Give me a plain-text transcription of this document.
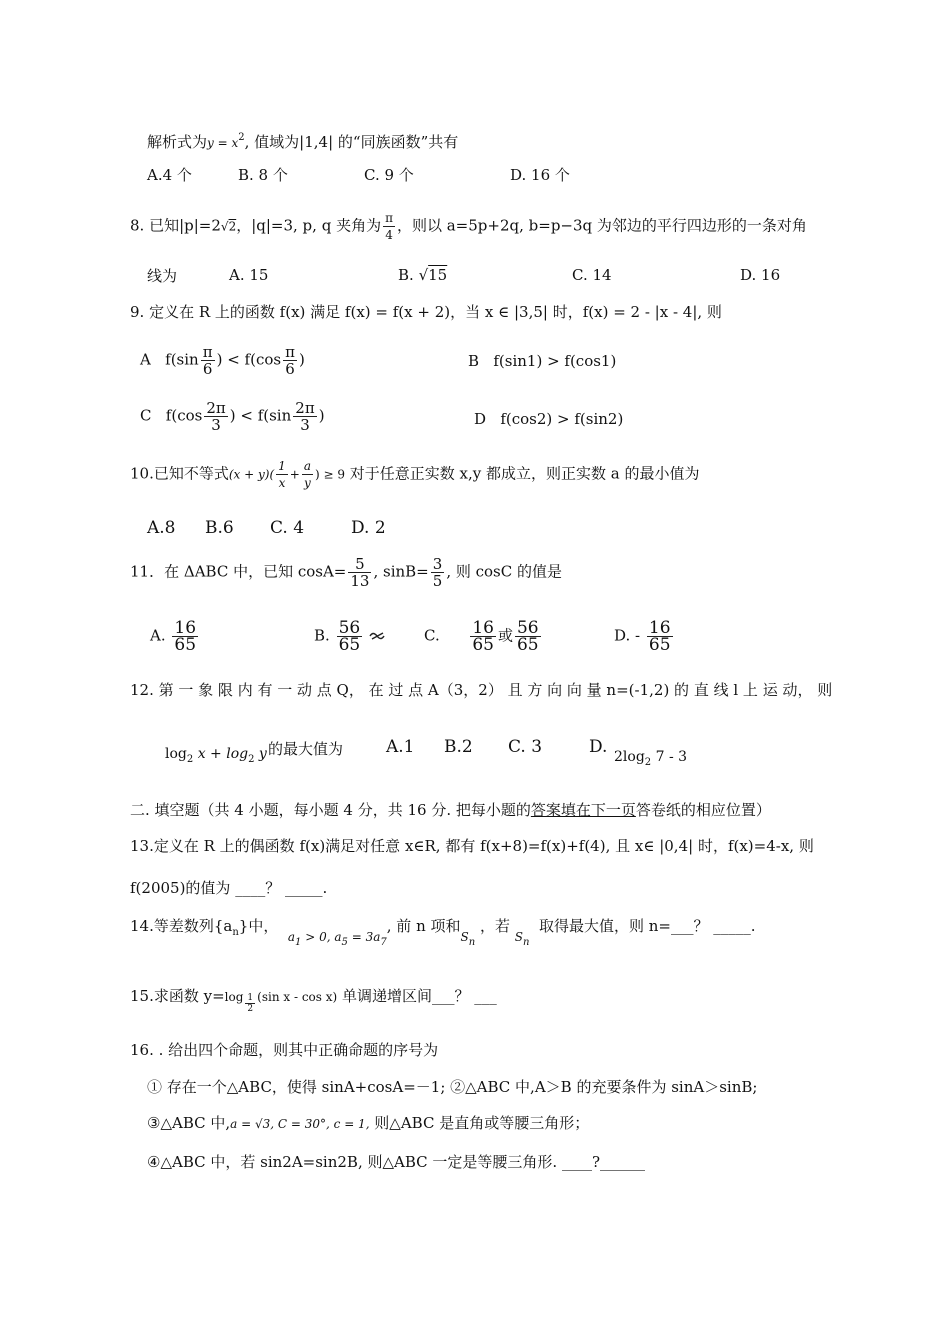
解析式为$y = x^2$, 值域为|1,4| 的“同族函数”共有
A.4 个	B. 8 个	C. 9 个	D. 16 个
8. 已知|p|=2√2，|q|=3, p, q 夹角为 $\frac{\pi}{4}$ ，则以 a=5p+2q, b=p−3q 为邻边的平行四边形的一条对角
线为	A. 15	B. √15	C. 14	D. 16
9. 定义在 R 上的函数 f(x) 满足 f(x) = f(x + 2)，当 x ∈ |3,5| 时，f(x) = 2 - |x - 4|, 则
A $f(\sin \frac{\pi}{6}$ ) < $f(\cos \frac{\pi}{6}$ )	B f(sin1) > f(cos1)
C $f(\cos \frac{2\pi}{3}$ ) < $f(\sin \frac{2\pi}{3}$ )	D f(cos2) > f(sin2)
10.已知不等式$(x + y)( \frac{1}{x} + \frac{a}{y}$ ) ≥ 9 对于任意正实数 x,y 都成立，则正实数 a 的最小值为
A.8 B.6 C. 4	D. 2
11．在 ΔABC 中，已知 $\cos A= \frac{5}{13}$ , $\sin B= \frac{3}{5}$ , 则 cosC 的值是
A. $\frac{16}{65}$	B. $\frac{56}{65}$
	C. $\frac{16}{65}$ 或 $\frac{56}{65}$	D. - $\frac{16}{65}$
12. 第 一 象 限 内 有 一 动 点 Q， 在 过 点 A（3，2） 且 方 向 向 量 n=(-1,2) 的 直 线 l 上 运 动， 则
$\log_2 x + \log_2 y$ 的最大值为	A.1 B.2 C. 3	D. $2\log_2$ 7 - 3
二. 填空题（共 4 小题，每小题 4 分，共 16 分. 把每小题的答案填在下一页答卷纸的相应位置）
13.定义在 R 上的偶函数 f(x)满足对任意 x∈R, 都有 f(x+8)=f(x)+f(4), 且 x∈ |0,4| 时，f(x)=4-x, 则
f(2005)的值为 ____？ _____.
14.等差数列$\{a_n\}$中，  $_{a_1 > 0, a_5 = 3a_7}$, 前 n 项和$_{S_n}$ ，若 $_{S_n}$  取得最大值，则 n=___？ _____.
15.求函数 $y=\log \frac{1}{2} (\sin$ x - cos x) 单调递增区间___？ ___
16. . 给出四个命题，则其中正确命题的序号为
① 存在一个△ABC，使得 sinA+cosA=－1; ②△ABC 中,A＞B 的充要条件为 sinA＞sinB;
③△ABC 中,a = √3, C = 30°, c = 1, 则△ABC 是直角或等腰三角形；
④△ABC 中，若 sin2A=sin2B, 则△ABC 一定是等腰三角形. ____?______
